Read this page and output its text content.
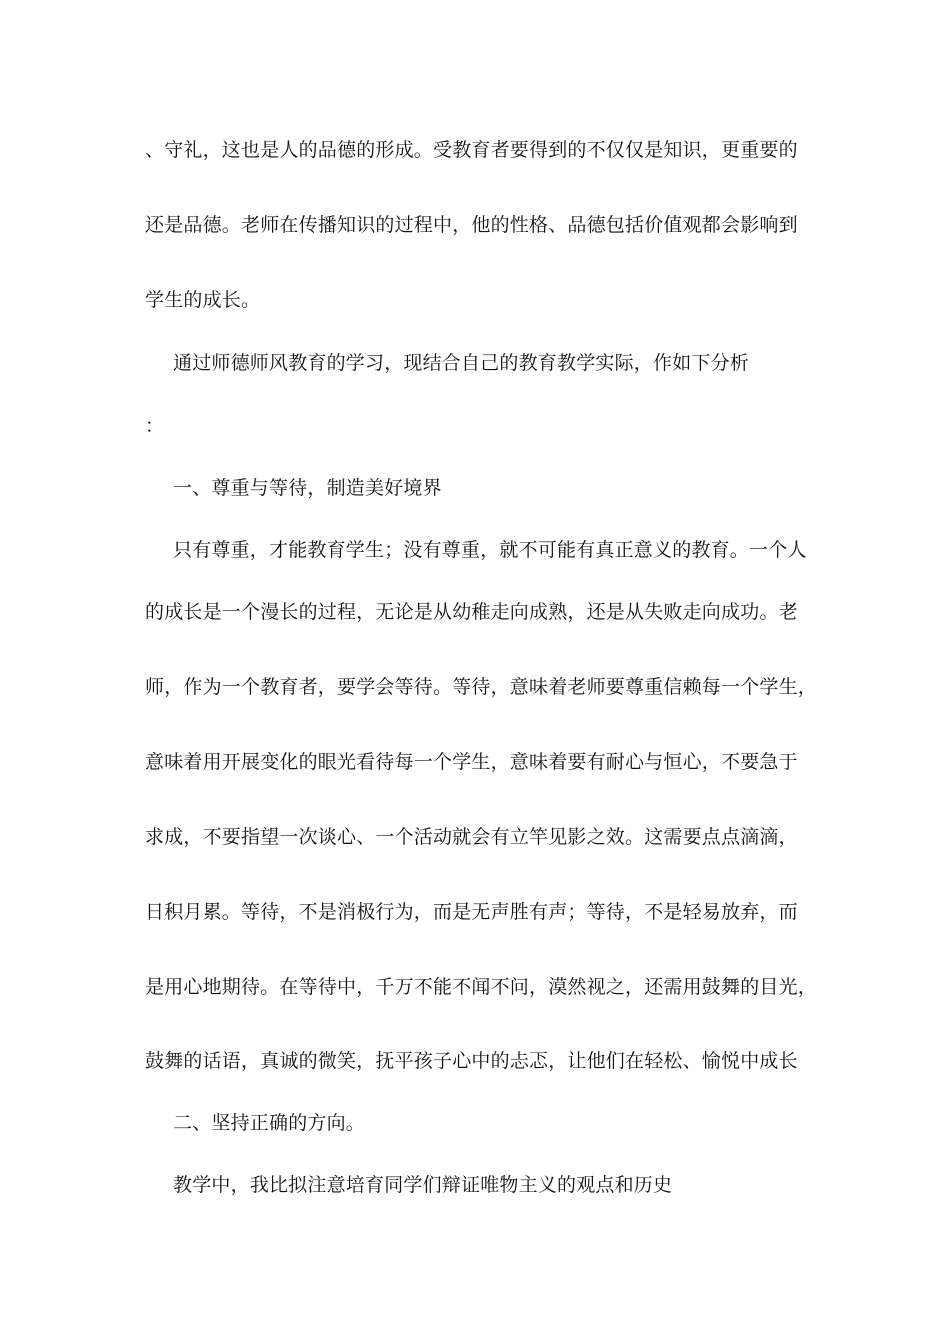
、守礼，这也是人的品德的形成。受教育者要得到的不仅仅是知识，更重要的

还是品德。老师在传播知识的过程中，他的性格、品德包括价值观都会影响到

学生的成长。

通过师德师风教育的学习，现结合自己的教育教学实际，作如下分析

：

一、尊重与等待，制造美好境界

只有尊重，才能教育学生；没有尊重，就不可能有真正意义的教育。一个人

的成长是一个漫长的过程，无论是从幼稚走向成熟，还是从失败走向成功。老

师，作为一个教育者，要学会等待。等待，意味着老师要尊重信赖每一个学生，

意味着用开展变化的眼光看待每一个学生，意味着要有耐心与恒心，不要急于

求成，不要指望一次谈心、一个活动就会有立竿见影之效。这需要点点滴滴，

日积月累。等待，不是消极行为，而是无声胜有声；等待，不是轻易放弃，而

是用心地期待。在等待中，千万不能不闻不问，漠然视之，还需用鼓舞的目光，

鼓舞的话语，真诚的微笑，抚平孩子心中的忐忑，让他们在轻松、愉悦中成长

二、坚持正确的方向。

教学中，我比拟注意培育同学们辩证唯物主义的观点和历史
